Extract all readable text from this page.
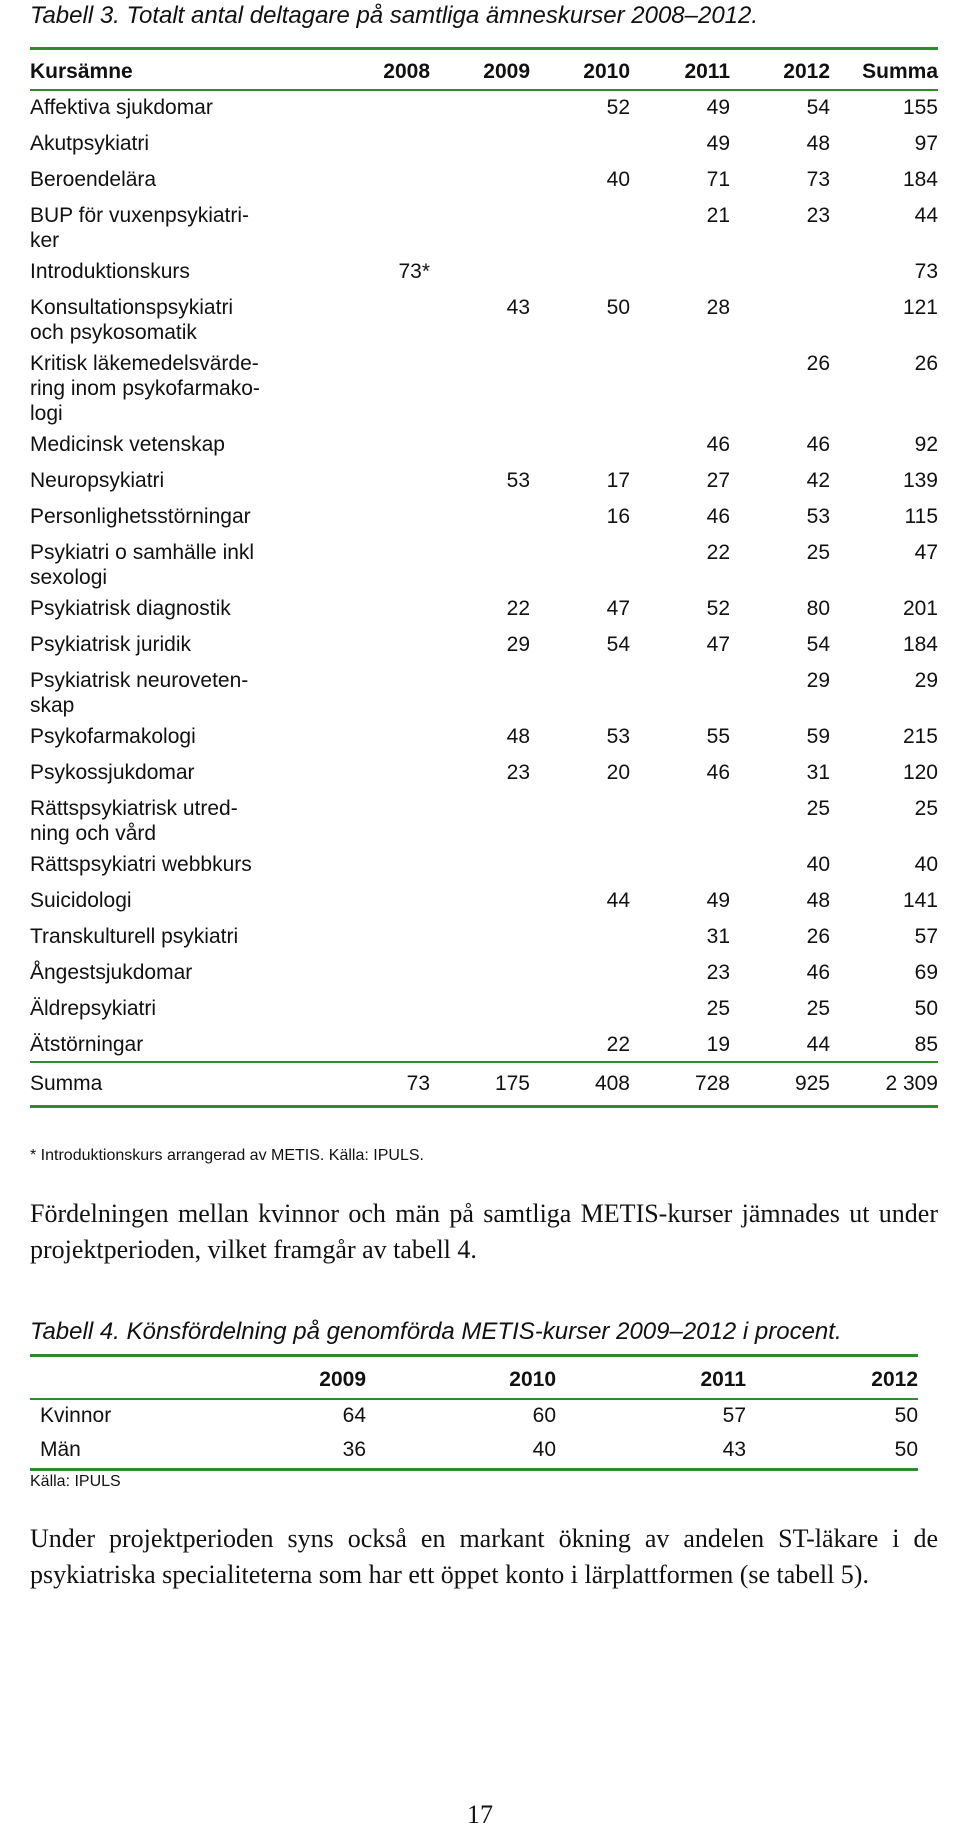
Tabell 3. Totalt antal deltagare på samtliga ämneskurser 2008–2012.
Kursämne	2008	2009	2010	2011	2012	Summa
Affektiva sjukdomar			52	49	54	155
Akutpsykiatri				49	48	97
Beroendelära			40	71	73	184
BUP för vuxenpsykiatri-
ker				21	23	44
Introduktionskurs	73*					73
Konsultationspsykiatri
och psykosomatik		43	50	28		121
Kritisk läkemedelsvärde-
ring inom psykofarmako-
logi					26	26
Medicinsk vetenskap				46	46	92
Neuropsykiatri		53	17	27	42	139
Personlighetsstörningar			16	46	53	115
Psykiatri o samhälle inkl
sexologi				22	25	47
Psykiatrisk diagnostik		22	47	52	80	201
Psykiatrisk juridik		29	54	47	54	184
Psykiatrisk neuroveten-
skap					29	29
Psykofarmakologi		48	53	55	59	215
Psykossjukdomar		23	20	46	31	120
Rättspsykiatrisk utred-
ning och vård					25	25
Rättspsykiatri webbkurs					40	40
Suicidologi			44	49	48	141
Transkulturell psykiatri				31	26	57
Ångestsjukdomar				23	46	69
Äldrepsykiatri				25	25	50
Ätstörningar			22	19	44	85
Summa	73	175	408	728	925	2 309
* Introduktionskurs arrangerad av METIS. Källa: IPULS.
Fördelningen mellan kvinnor och män på samtliga METIS-kurser jämnades ut under projektperioden, vilket framgår av tabell 4.
Tabell 4. Könsfördelning på genomförda METIS-kurser 2009–2012 i procent.
	2009	2010	2011	2012
Kvinnor	64	60	57	50
Män	36	40	43	50
Källa: IPULS
Under projektperioden syns också en markant ökning av andelen ST-läkare i de psykiatriska specialiteterna som har ett öppet konto i lärplattformen (se tabell 5).
17
